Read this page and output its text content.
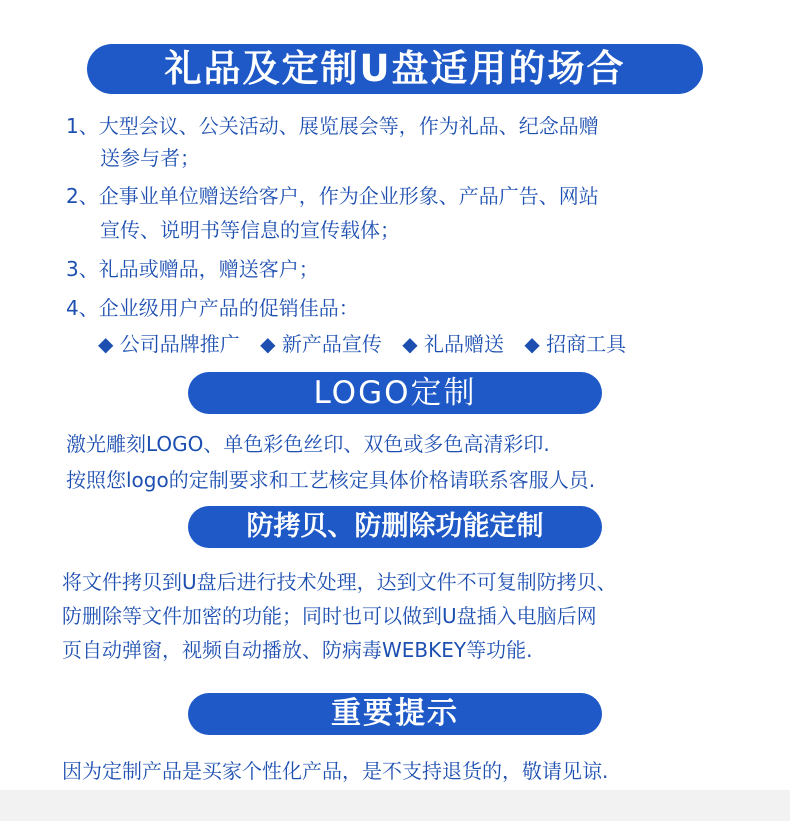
礼品及定制U盘适用的场合
1、大型会议、公关活动、展览展会等，作为礼品、纪念品赠
送参与者；
2、企事业单位赠送给客户，作为企业形象、产品广告、网站
宣传、说明书等信息的宣传载体；
3、礼品或赠品，赠送客户；
4、企业级用户产品的促销佳品：
◆ 公司品牌推广 ◆ 新产品宣传 ◆ 礼品赠送 ◆ 招商工具
LOGO定制
激光雕刻LOGO、单色彩色丝印、双色或多色高清彩印.
按照您logo的定制要求和工艺核定具体价格请联系客服人员.
防拷贝、防删除功能定制
将文件拷贝到U盘后进行技术处理，达到文件不可复制防拷贝、
防删除等文件加密的功能；同时也可以做到U盘插入电脑后网
页自动弹窗，视频自动播放、防病毒WEBKEY等功能.
重要提示
因为定制产品是买家个性化产品，是不支持退货的，敬请见谅.
